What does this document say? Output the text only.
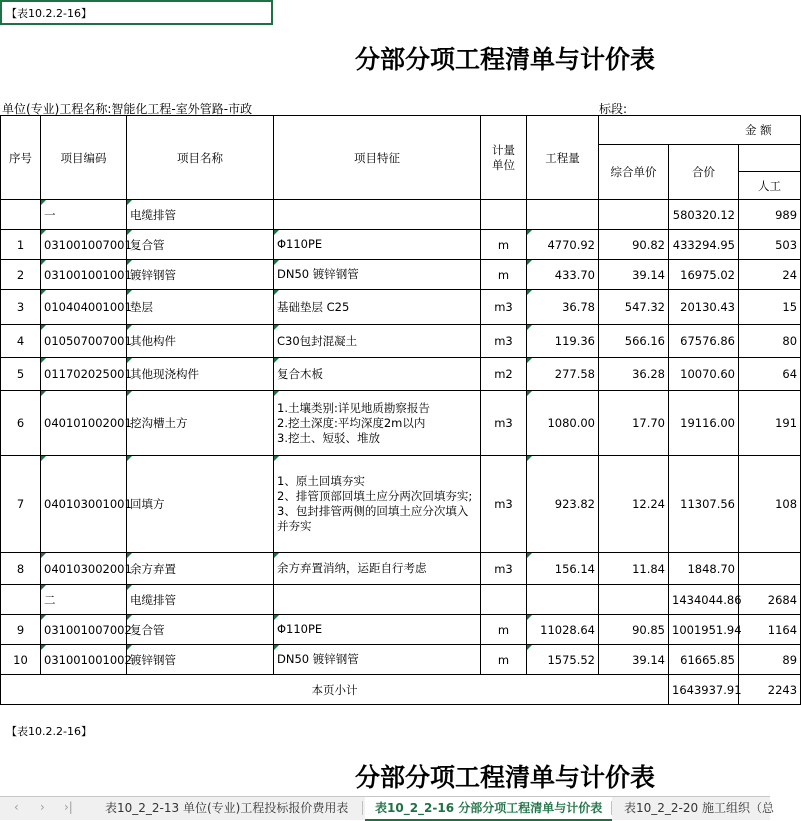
【表10.2.2-16】
分部分项工程清单与计价表
单位(专业)工程名称:智能化工程-室外管路-市政	标段:
序号	项目编码	项目名称	项目特征	计量单位	工程量	金 额		
						综合单价	合价	
								人工
	一	电缆排管					580320.12	989
1	031001007001	复合管	Φ110PE	m	4770.92	90.82	433294.95	503
2	031001001001	镀锌钢管	DN50 镀锌钢管	m	433.70	39.14	16975.02	24
3	010404001001	垫层	基础垫层 C25	m3	36.78	547.32	20130.43	15
4	010507007001	其他构件	C30包封混凝土	m3	119.36	566.16	67576.86	80
5	011702025001	其他现浇构件	复合木板	m2	277.58	36.28	10070.60	64
6	040101002001	挖沟槽土方	1.土壤类别:详见地质勘察报告
2.挖土深度:平均深度2m以内
3.挖土、短驳、堆放	m3	1080.00	17.70	19116.00	191
7	040103001001	回填方	1、原土回填夯实
2、排管顶部回填土应分两次回填夯实;
3、包封排管两侧的回填土应分次填入并夯实	m3	923.82	12.24	11307.56	108
8	040103002001	余方弃置	余方弃置消纳，运距自行考虑	m3	156.14	11.84	1848.70	
	二	电缆排管					1434044.86	2684
9	031001007002	复合管	Φ110PE	m	11028.64	90.85	1001951.94	1164
10	031001001002	镀锌钢管	DN50 镀锌钢管	m	1575.52	39.14	61665.85	89
本页小计							1643937.91	2243
【表10.2.2-16】
分部分项工程清单与计价表
‹ › ›|	表10_2_2-13 单位(专业)工程投标报价费用表	表10_2_2-16 分部分项工程清单与计价表	表10_2_2-20 施工组织（总
